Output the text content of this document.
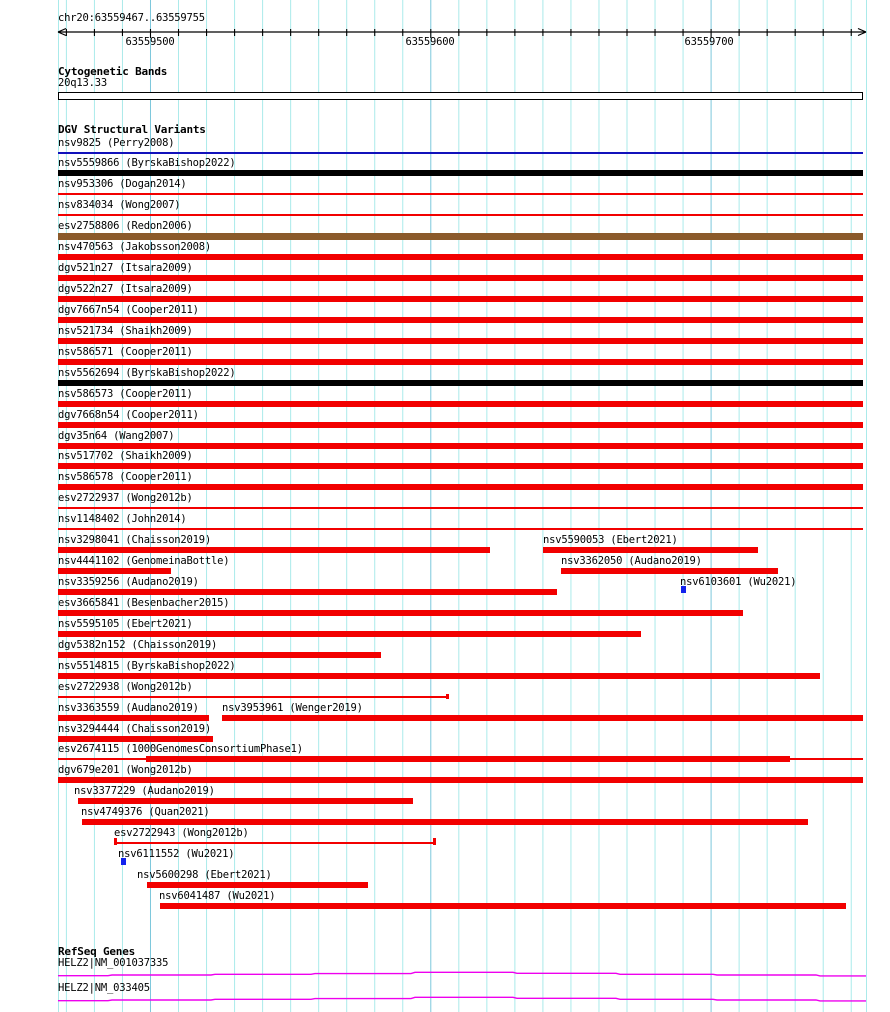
chr20:63559467..63559755
Cytogenetic Bands
20q13.33
DGV Structural Variants
nsv9825 (Perry2008)
nsv5559866 (ByrskaBishop2022)
nsv953306 (Dogan2014)
nsv834034 (Wong2007)
esv2758806 (Redon2006)
nsv470563 (Jakobsson2008)
dgv521n27 (Itsara2009)
dgv522n27 (Itsara2009)
dgv7667n54 (Cooper2011)
nsv521734 (Shaikh2009)
nsv586571 (Cooper2011)
nsv5562694 (ByrskaBishop2022)
nsv586573 (Cooper2011)
dgv7668n54 (Cooper2011)
dgv35n64 (Wang2007)
nsv517702 (Shaikh2009)
nsv586578 (Cooper2011)
esv2722937 (Wong2012b)
nsv1148402 (John2014)
nsv3298041 (Chaisson2019)	nsv5590053 (Ebert2021)
nsv4441102 (GenomeinaBottle)	nsv3362050 (Audano2019)
nsv3359256 (Audano2019)	nsv6103601 (Wu2021)
esv3665841 (Besenbacher2015)
nsv5595105 (Ebert2021)
dgv5382n152 (Chaisson2019)
nsv5514815 (ByrskaBishop2022)
esv2722938 (Wong2012b)
nsv3363559 (Audano2019) nsv3953961 (Wenger2019)
nsv3294444 (Chaisson2019)
esv2674115 (1000GenomesConsortiumPhase1)
dgv679e201 (Wong2012b)
nsv3377229 (Audano2019)
nsv4749376 (Quan2021)
esv2722943 (Wong2012b)
nsv6111552 (Wu2021)
nsv5600298 (Ebert2021)
nsv6041487 (Wu2021)
RefSeq Genes
HELZ2|NM_001037335
HELZ2|NM_033405
63559500	63559600	63559700
